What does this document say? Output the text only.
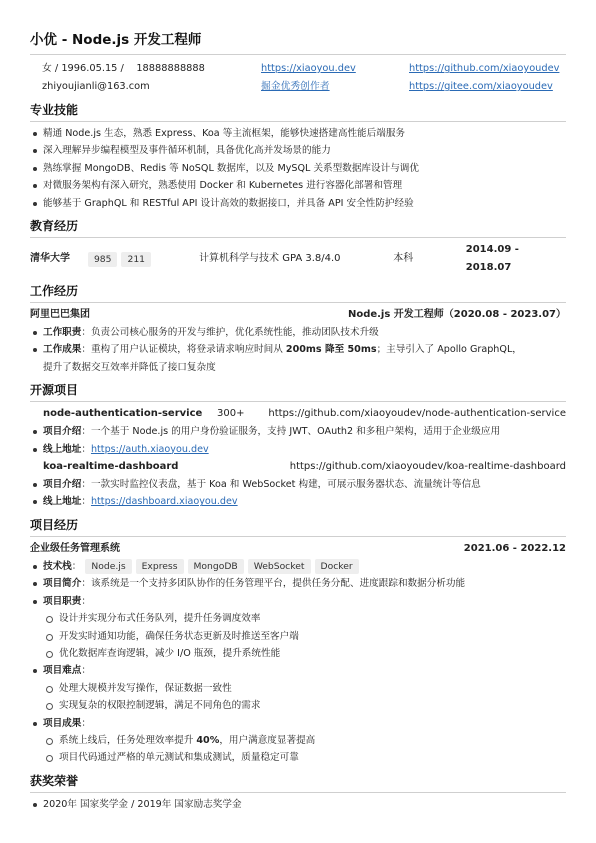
小优 - Node.js 开发工程师
女 / 1996.05.15 / 18888888888	https://xiaoyou.dev	https://github.com/xiaoyoudev
zhiyoujianli@163.com	掘金优秀创作者	https://gitee.com/xiaoyoudev
专业技能
精通 Node.js 生态，熟悉 Express、Koa 等主流框架，能够快速搭建高性能后端服务
深入理解异步编程模型及事件循环机制，具备优化高并发场景的能力
熟练掌握 MongoDB、Redis 等 NoSQL 数据库，以及 MySQL 关系型数据库设计与调优
对微服务架构有深入研究，熟悉使用 Docker 和 Kubernetes 进行容器化部署和管理
能够基于 GraphQL 和 RESTful API 设计高效的数据接口，并具备 API 安全性防护经验
教育经历
清华大学	985	211	计算机科学与技术 GPA 3.8/4.0	本科
2014.09 - 2018.07
工作经历
阿里巴巴集团	Node.js 开发工程师（2020.08 - 2023.07）
工作职责：负责公司核心服务的开发与维护，优化系统性能，推动团队技术升级
工作成果：重构了用户认证模块，将登录请求响应时间从 200ms 降至 50ms；主导引入了 Apollo GraphQL，
提升了数据交互效率并降低了接口复杂度
开源项目
node-authentication-service	300+	https://github.com/xiaoyoudev/node-authentication-service
项目介绍：一个基于 Node.js 的用户身份验证服务，支持 JWT、OAuth2 和多租户架构，适用于企业级应用
线上地址：https://auth.xiaoyou.dev
koa-realtime-dashboard	https://github.com/xiaoyoudev/koa-realtime-dashboard
项目介绍：一款实时监控仪表盘，基于 Koa 和 WebSocket 构建，可展示服务器状态、流量统计等信息
线上地址：https://dashboard.xiaoyou.dev
项目经历
企业级任务管理系统	2021.06 - 2022.12
技术栈： Node.js Express MongoDB WebSocket Docker
项目简介：该系统是一个支持多团队协作的任务管理平台，提供任务分配、进度跟踪和数据分析功能
项目职责：
设计并实现分布式任务队列，提升任务调度效率
开发实时通知功能，确保任务状态更新及时推送至客户端
优化数据库查询逻辑，减少 I/O 瓶颈，提升系统性能
项目难点：
处理大规模并发写操作，保证数据一致性
实现复杂的权限控制逻辑，满足不同角色的需求
项目成果：
系统上线后，任务处理效率提升 40%，用户满意度显著提高
项目代码通过严格的单元测试和集成测试，质量稳定可靠
获奖荣誉
2020年 国家奖学金 / 2019年 国家励志奖学金
